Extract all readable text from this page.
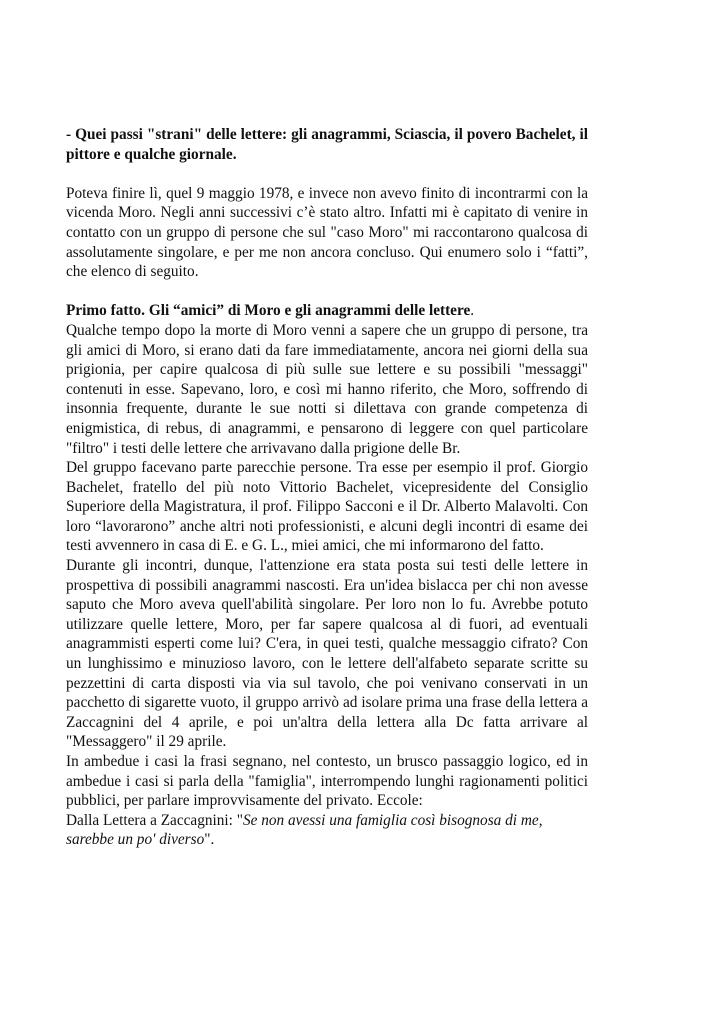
- Quei passi "strani" delle lettere: gli anagrammi, Sciascia, il povero Bachelet, il pittore e qualche giornale.

Poteva finire lì, quel 9 maggio 1978, e invece non avevo finito di incontrarmi con la vicenda Moro. Negli anni successivi c’è stato altro. Infatti mi è capitato di venire in contatto con un gruppo di persone che sul "caso Moro" mi raccontarono qualcosa di assolutamente singolare, e per me non ancora concluso. Qui enumero solo i “fatti”, che elenco di seguito.

Primo fatto. Gli “amici” di Moro e gli anagrammi delle lettere.

Qualche tempo dopo la morte di Moro venni a sapere che un gruppo di persone, tra gli amici di Moro, si erano dati da fare immediatamente, ancora nei giorni della sua prigionia, per capire qualcosa di più sulle sue lettere e su possibili "messaggi" contenuti in esse. Sapevano, loro, e così mi hanno riferito, che Moro, soffrendo di insonnia frequente, durante le sue notti si dilettava con grande competenza di enigmistica, di rebus, di anagrammi, e pensarono di leggere con quel particolare "filtro" i testi delle lettere che arrivavano dalla prigione delle Br.

Del gruppo facevano parte parecchie persone. Tra esse per esempio il prof. Giorgio Bachelet, fratello del più noto Vittorio Bachelet, vicepresidente del Consiglio Superiore della Magistratura, il prof. Filippo Sacconi e il Dr. Alberto Malavolti. Con loro “lavorarono” anche altri noti professionisti, e alcuni degli incontri di esame dei testi avvennero in casa di E. e G. L., miei amici, che mi informarono del fatto.

Durante gli incontri, dunque, l'attenzione era stata posta sui testi delle lettere in prospettiva di possibili anagrammi nascosti. Era un'idea bislacca per chi non avesse saputo che Moro aveva quell'abilità singolare. Per loro non lo fu. Avrebbe potuto utilizzare quelle lettere, Moro, per far sapere qualcosa al di fuori, ad eventuali anagrammisti esperti come lui? C'era, in quei testi, qualche messaggio cifrato? Con un lunghissimo e minuzioso lavoro, con le lettere dell'alfabeto separate scritte su pezzettini di carta disposti via via sul tavolo, che poi venivano conservati in un pacchetto di sigarette vuoto, il gruppo arrivò ad isolare prima una frase della lettera a Zaccagnini del 4 aprile, e poi un'altra della lettera alla Dc fatta arrivare al "Messaggero" il 29 aprile.

In ambedue i casi la frasi segnano, nel contesto, un brusco passaggio logico, ed in ambedue i casi si parla della "famiglia", interrompendo lunghi ragionamenti politici pubblici, per parlare improvvisamente del privato. Eccole:

Dalla Lettera a Zaccagnini: "Se non avessi una famiglia così bisognosa di me, sarebbe un po' diverso".
